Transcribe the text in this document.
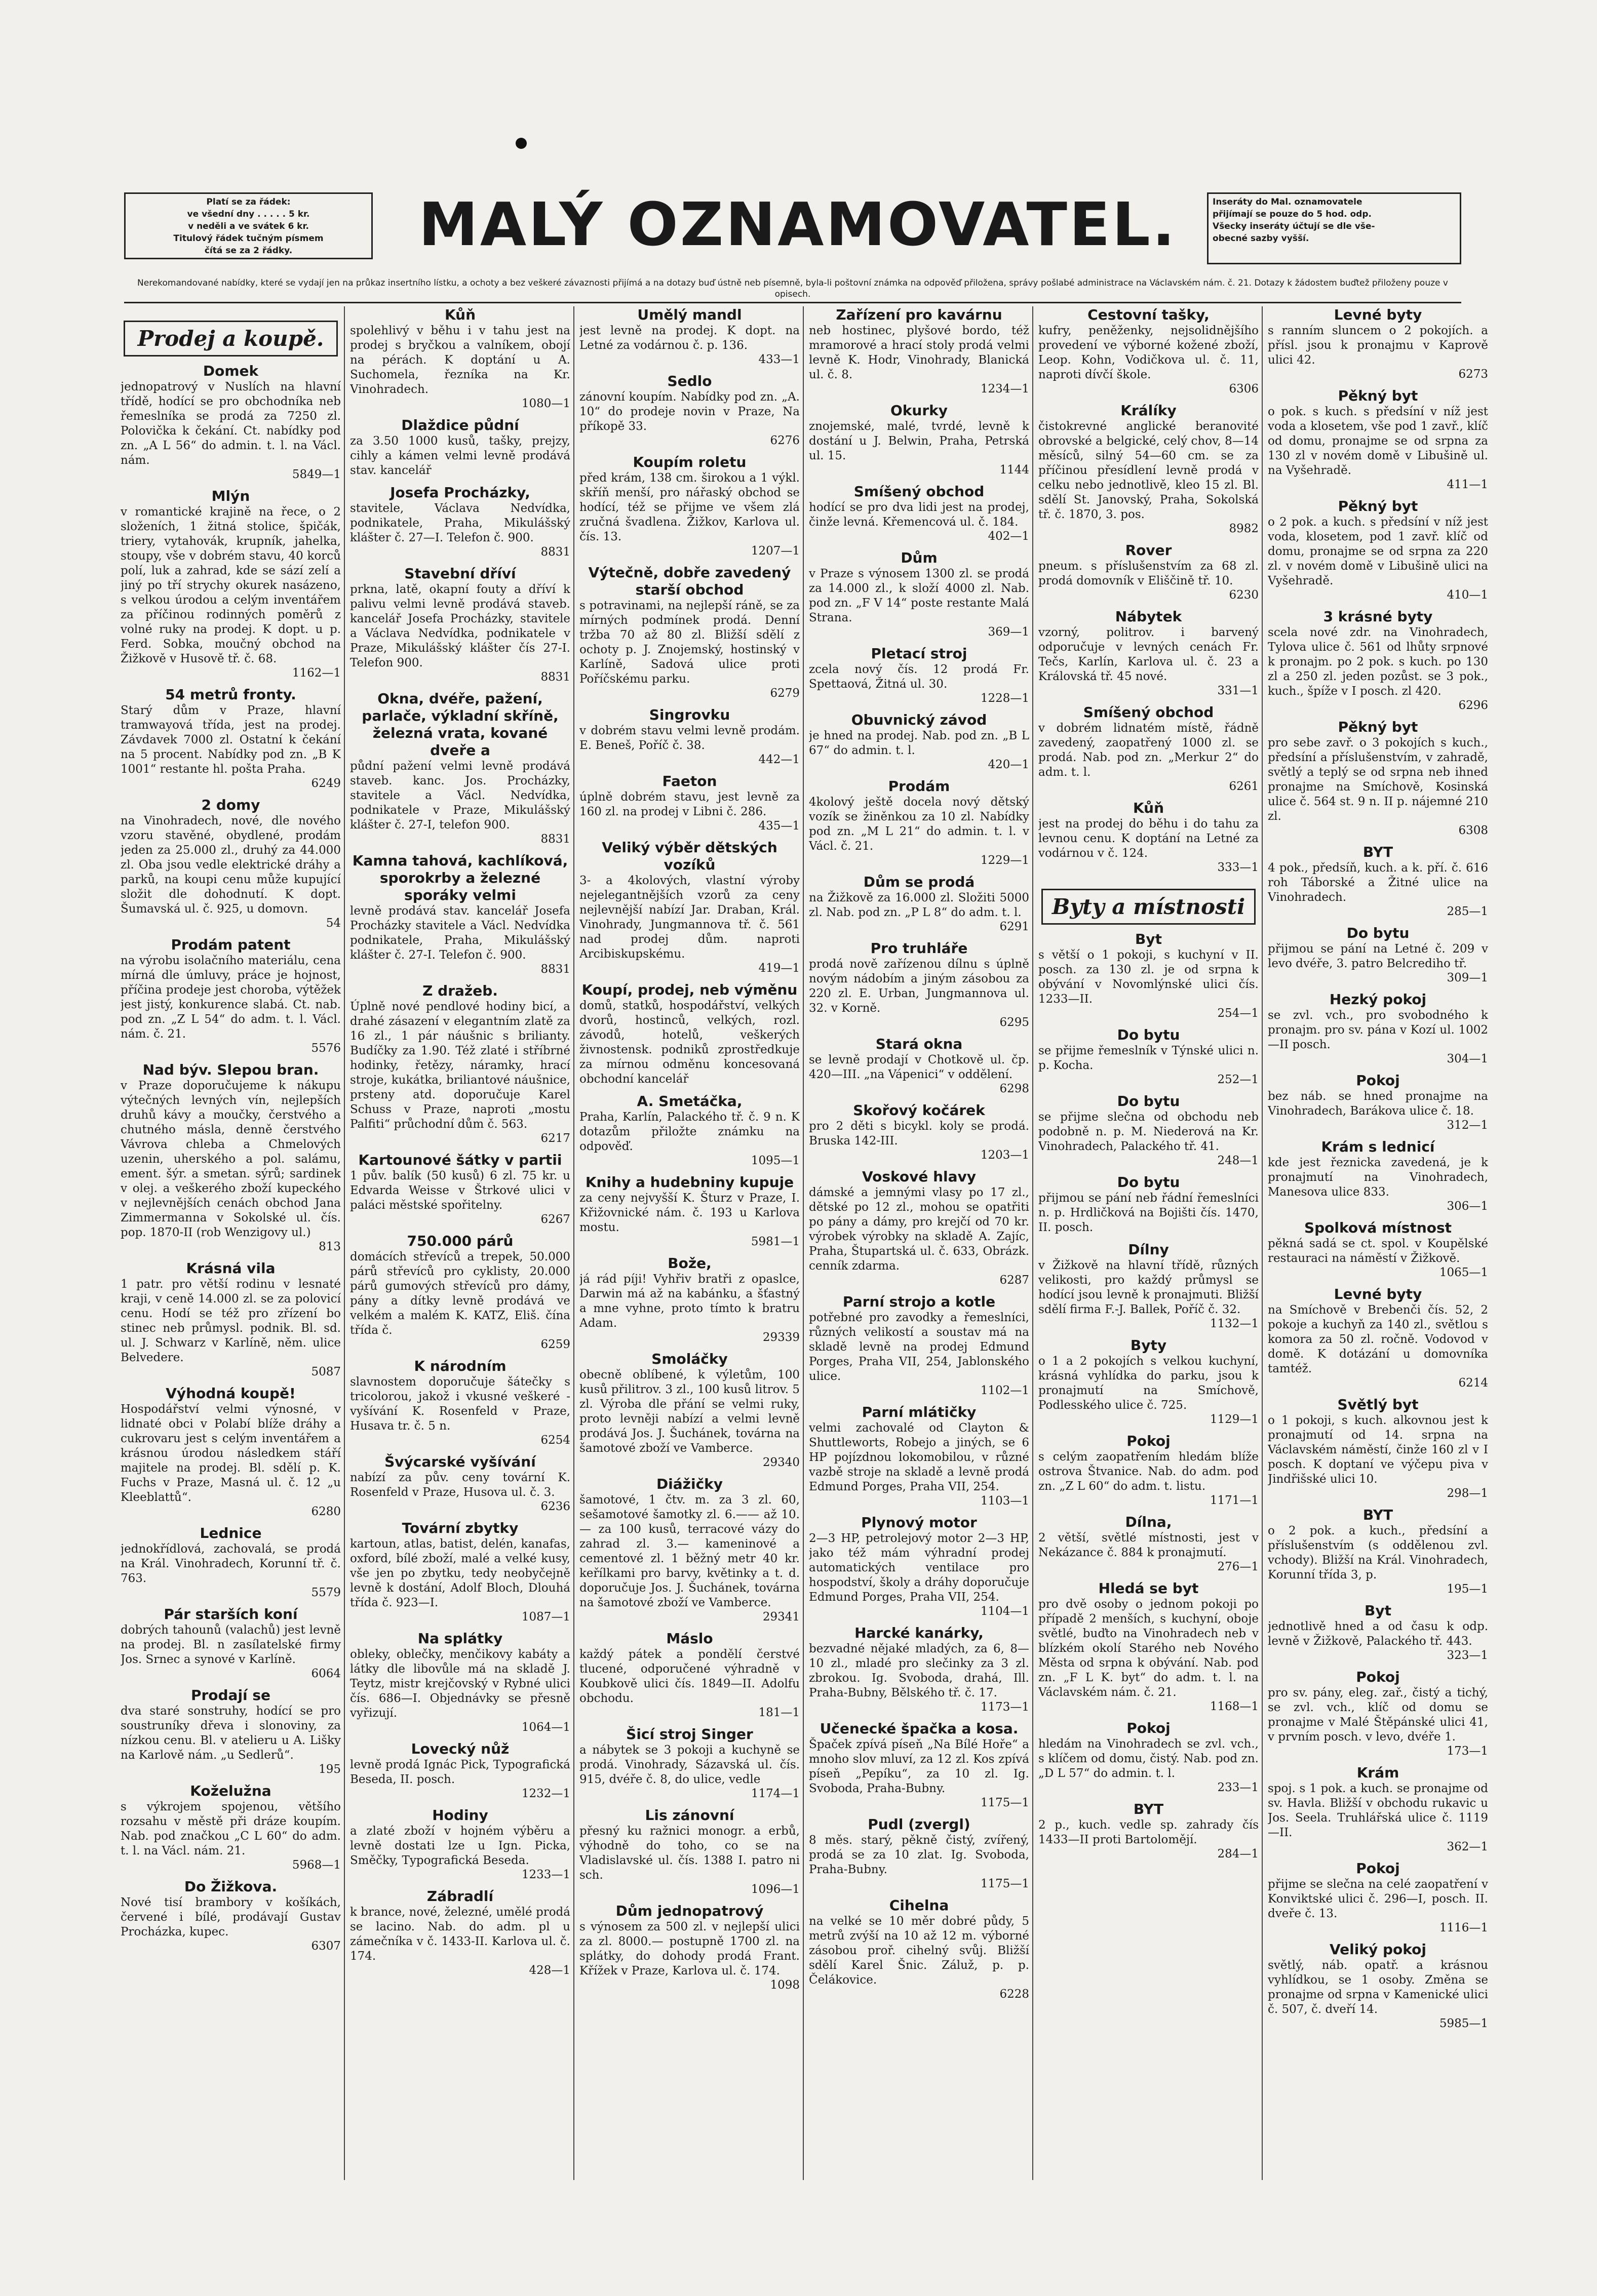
Platí se za řádek:
ve všední dny . . . . . 5 kr.
v neděli a ve svátek 6 kr.
Titulový řádek tučným písmem
čítá se za 2 řádky.	MALÝ OZNAMOVATEL.	Inseráty do Mal. oznamovatele
přijímají se pouze do 5 hod. odp.
Všecky inseráty účtují se dle vše-
obecné sazby vyšší.
Nerekomandované nabídky, které se vydají jen na průkaz insertního lístku, a ochoty a bez veškeré závaznosti přijímá a na dotazy buď ústně neb písemně, byla-li poštovní známka na odpověď přiložena, správy pošlabé administrace na Václavském nám. č. 21. Dotazy k žádostem buďtež přiloženy pouze v opisech.
Prodej a koupě.
Domek

jednopatrový v Nuslích na hlavní třídě, hodící se pro obchodníka neb řemeslníka se prodá za 7250 zl. Polovička k čekání. Ct. nabídky pod zn. „A L 56“ do admin. t. l. na Václ. nám.

5849—1
Mlýn

v romantické krajině na řece, o 2 složeních, 1 žitná stolice, špičák, triery, vytahovák, krupník, jahelka, stoupy, vše v dobrém stavu, 40 korců polí, luk a zahrad, kde se sází zelí a jiný po tří strychy okurek nasázeno, s velkou úrodou a celým inventářem za příčinou rodinných poměrů z volné ruky na prodej. K dopt. u p. Ferd. Sobka, moučný obchod na Žižkově v Husově tř. č. 68.

1162—1
54 metrů fronty.

Starý dům v Praze, hlavní tramwayová třída, jest na prodej. Závdavek 7000 zl. Ostatní k čekání na 5 procent. Nabídky pod zn. „B K 1001“ restante hl. pošta Praha.

6249
2 domy

na Vinohradech, nové, dle nového vzoru stavěné, obydlené, prodám jeden za 25.000 zl., druhý za 44.000 zl. Oba jsou vedle elektrické dráhy a parků, na koupi cenu může kupující složit dle dohodnutí. K dopt. Šumavská ul. č. 925, u domovn.

54
Prodám patent

na výrobu isolačního materiálu, cena mírná dle úmluvy, práce je hojnost, příčina prodeje jest choroba, výtěžek jest jistý, konkurence slabá. Ct. nab. pod zn. „Z L 54“ do adm. t. l. Václ. nám. č. 21.

5576
Nad býv. Slepou bran.

v Praze doporučujeme k nákupu výtečných levných vín, nejlepších druhů kávy a moučky, čerstvého a chutného másla, denně čerstvého Vávrova chleba a Chmelových uzenin, uherského a pol. salámu, ement. šýr. a smetan. sýrů; sardinek v olej. a veškerého zboží kupeckého v nejlevnějších cenách obchod Jana Zimmermanna v Sokolské ul. čís. pop. 1870-II (rob Wenzigovy ul.)

813
Krásná vila

1 patr. pro větší rodinu v lesnaté kraji, v ceně 14.000 zl. se za polovicí cenu. Hodí se též pro zřízení bo stinec neb průmysl. podnik. Bl. sd. ul. J. Schwarz v Karlíně, něm. ulice Belvedere.

5087
Výhodná koupě!

Hospodářství velmi výnosné, v lidnaté obci v Polabí blíže dráhy a cukrovaru jest s celým inventářem a krásnou úrodou následkem stáří majitele na prodej. Bl. sdělí p. K. Fuchs v Praze, Masná ul. č. 12 „u Kleeblattů“.

6280
Lednice

jednokřídlová, zachovalá, se prodá na Král. Vinohradech, Korunní tř. č. 763.

5579
Pár starších koní

dobrých tahounů (valachů) jest levně na prodej. Bl. n zasílatelské firmy Jos. Srnec a synové v Karlíně.

6064
Prodají se

dva staré sonstruhy, hodící se pro soustruníky dřeva i slonoviny, za nízkou cenu. Bl. v atelieru u A. Lišky na Karlově nám. „u Sedlerů“.

195
Koželužna

s výkrojem spojenou, většího rozsahu v městě při dráze koupím. Nab. pod značkou „C L 60“ do adm. t. l. na Václ. nám. 21.

5968—1
Do Žižkova.

Nové tisí brambory v košíkách, červené i bílé, prodávají Gustav Procházka, kupec.

6307
Kůň

spolehlivý v běhu i v tahu jest na prodej s bryčkou a valníkem, obojí na pérách. K doptání u A. Suchomela, řezníka na Kr. Vinohradech.

1080—1
Dlaždice půdní

za 3.50 1000 kusů, tašky, prejzy, cihly a kámen velmi levně prodává stav. kancelář

Josefa Procházky,

stavitele, Václava Nedvídka, podnikatele, Praha, Mikulášský klášter č. 27—I. Telefon č. 900.

8831
Stavební dříví

prkna, latě, okapní fouty a dříví k palivu velmi levně prodává staveb. kancelář Josefa Procházky, stavitele a Václava Nedvídka, podnikatele v Praze, Mikulášský klášter čís 27-I. Telefon 900.

8831
Okna, dvéře, pažení, parlače, výkladní skříně, železná vrata, kované dveře a

půdní pažení velmi levně prodává staveb. kanc. Jos. Procházky, stavitele a Václ. Nedvídka, podnikatele v Praze, Mikulášský klášter č. 27-I, telefon 900.

8831
Kamna tahová, kachlíková, sporokrby a železné sporáky velmi

levně prodává stav. kancelář Josefa Procházky stavitele a Václ. Nedvídka podnikatele, Praha, Mikulášský klášter č. 27-I. Telefon č. 900.

8831
Z dražeb.

Úplně nové pendlové hodiny bicí, a drahé zásazení v elegantním zlatě za 16 zl., 1 pár náušnic s brilianty. Budíčky za 1.90. Též zlaté i stříbrné hodinky, řetězy, náramky, hrací stroje, kukátka, briliantové náušnice, prsteny atd. doporučuje Karel Schuss v Praze, naproti „mostu Palfiti“ průchodní dům č. 563.

6217
Kartounové šátky v partii

1 pův. balík (50 kusů) 6 zl. 75 kr. u Edvarda Weisse v Štrkové ulici v paláci městské spořitelny.

6267
750.000 párů

domácích střevíců a trepek, 50.000 párů střevíců pro cyklisty, 20.000 párů gumových střevíců pro dámy, pány a dítky levně prodává ve velkém a malém K. KATZ, Eliš. čína třída č.

6259
K národním

slavnostem doporučuje šátečky s tricolorou, jakož i vkusné veškeré - vyšívání K. Rosenfeld v Praze, Husava tr. č. 5 n.

6254
Švýcarské vyšívání

nabízí za pův. ceny tovární K. Rosenfeld v Praze, Husova ul. č. 3.

6236
Tovární zbytky

kartoun, atlas, batist, delén, kanafas, oxford, bílé zboží, malé a velké kusy, vše jen po zbytku, tedy neobyčejně levně k dostání, Adolf Bloch, Dlouhá třída č. 923—I.

1087—1
Na splátky

obleky, oblečky, menčikovy kabáty a látky dle libovůle má na skladě J. Teytz, mistr krejčovský v Rybné ulici čís. 686—I. Objednávky se přesně vyřizují.

1064—1
Lovecký nůž

levně prodá Ignác Pick, Typografická Beseda, II. posch.

1232—1
Hodiny

a zlaté zboží v hojném výběru a levně dostati lze u Ign. Picka, Směčky, Typografická Beseda.

1233—1
Zábradlí

k brance, nové, železné, umělé prodá se lacino. Nab. do adm. pl u zámečníka v č. 1433-II. Karlova ul. č. 174.

428—1
Umělý mandl

jest levně na prodej. K dopt. na Letné za vodárnou č. p. 136.

433—1
Sedlo

zánovní koupím. Nabídky pod zn. „A. 10“ do prodeje novin v Praze, Na příkopě 33.

6276
Koupím roletu

před krám, 138 cm. širokou a 1 výkl. skříň menší, pro nářaský obchod se hodící, též se přijme ve všem zlá zručná švadlena. Žižkov, Karlova ul. čís. 13.

1207—1
Výtečně, dobře zavedený starší obchod

s potravinami, na nejlepší ráně, se za mírných podmínek prodá. Denní tržba 70 až 80 zl. Bližší sdělí z ochoty p. J. Znojemský, hostinský v Karlíně, Sadová ulice proti Poříčskému parku.

6279
Singrovku

v dobrém stavu velmi levně prodám. E. Beneš, Poříč č. 38.

442—1
Faeton

úplně dobrém stavu, jest levně za 160 zl. na prodej v Libni č. 286.

435—1
Veliký výběr dětských vozíků

3- a 4kolových, vlastní výroby nejelegantnějších vzorů za ceny nejlevnější nabízí Jar. Draban, Král. Vinohrady, Jungmannova tř. č. 561 nad prodej dům. naproti Arcibiskupskému.

419—1
Koupí, prodej, neb výměnu

domů, statků, hospodářství, velkých dvorů, hostinců, velkých, rozl. závodů, hotelů, veškerých živnostensk. podniků zprostředkuje za mírnou odměnu koncesovaná obchodní kancelář

A. Smetáčka,

Praha, Karlín, Palackého tř. č. 9 n. K dotazům přiložte známku na odpověď.

1095—1
Knihy a hudebniny kupuje

za ceny nejvyšší K. Šturz v Praze, I. Křižovnické nám. č. 193 u Karlova mostu.

5981—1
Bože,

já rád píji! Vyhřiv bratři z opaslce, Darwin má až na kabánku, a šťastný a mne vyhne, proto tímto k bratru Adam.

29339
Smoláčky

obecně oblíbené, k výletům, 100 kusů přilitrov. 3 zl., 100 kusů litrov. 5 zl. Výroba dle přání se velmi ruky, proto levněji nabízí a velmi levně prodává Jos. J. Šuchánek, továrna na šamotové zboží ve Vamberce.

29340
Diážičky

šamotové, 1 čtv. m. za 3 zl. 60, sešamotové šamotky zl. 6.—— až 10.— za 100 kusů, terracové vázy do zahrad zl. 3.— kameninové a cementové zl. 1 běžný metr 40 kr. keřílkami pro barvy, květinky a t. d. doporučuje Jos. J. Šuchánek, továrna na šamotové zboží ve Vamberce.

29341
Máslo

každý pátek a pondělí čerstvé tlucené, odporučené výhradně v Koubkově ulici čís. 1849—II. Adolfu obchodu.

181—1
Šicí stroj Singer

a nábytek se 3 pokoji a kuchyně se prodá. Vinohrady, Sázavská ul. čís. 915, dvéře č. 8, do ulice, vedle

1174—1
Lis zánovní

přesný ku ražnici monogr. a erbů, výhodně do toho, co se na Vladislavské ul. čís. 1388 I. patro ni sch.

1096—1
Dům jednopatrový

s výnosem za 500 zl. v nejlepší ulici za zl. 8000.— postupně 1700 zl. na splátky, do dohody prodá Frant. Křížek v Praze, Karlova ul. č. 174.

1098
Zařízení pro kavárnu

neb hostinec, plyšové bordo, též mramorové a hrací stoly prodá velmi levně K. Hodr, Vinohrady, Blanická ul. č. 8.

1234—1
Okurky

znojemské, malé, tvrdé, levně k dostání u J. Belwin, Praha, Petrská ul. 15.

1144
Smíšený obchod

hodící se pro dva lidi jest na prodej, činže levná. Křemencová ul. č. 184.

402—1
Dům

v Praze s výnosem 1300 zl. se prodá za 14.000 zl., k složí 4000 zl. Nab. pod zn. „F V 14“ poste restante Malá Strana.

369—1
Pletací stroj

zcela nový čís. 12 prodá Fr. Spettaová, Žitná ul. 30.

1228—1
Obuvnický závod

je hned na prodej. Nab. pod zn. „B L 67“ do admin. t. l.

420—1
Prodám

4kolový ještě docela nový dětský vozík se žiněnkou za 10 zl. Nabídky pod zn. „M L 21“ do admin. t. l. v Václ. č. 21.

1229—1
Dům se prodá

na Žižkově za 16.000 zl. Složiti 5000 zl. Nab. pod zn. „P L 8“ do adm. t. l.

6291
Pro truhláře

prodá nově zařízenou dílnu s úplně novým nádobím a jiným zásobou za 220 zl. E. Urban, Jungmannova ul. 32. v Korně.

6295
Stará okna

se levně prodají v Chotkově ul. čp. 420—III. „na Vápenici“ v oddělení.

6298
Skořový kočárek

pro 2 děti s bicykl. koly se prodá. Bruska 142-III.

1203—1
Voskové hlavy

dámské a jemnými vlasy po 17 zl., dětské po 12 zl., mohou se opatřiti po pány a dámy, pro krejčí od 70 kr. výrobek výrobky na skladě A. Zajíc, Praha, Štupartská ul. č. 633, Obrázk. cenník zdarma.

6287
Parní strojo a kotle

potřebné pro zavodky a řemeslníci, různých velikostí a soustav má na skladě levně na prodej Edmund Porges, Praha VII, 254, Jablonského ulice.

1102—1
Parní mlátičky

velmi zachovalé od Clayton & Shuttleworts, Robejo a jiných, se 6 HP pojízdnou lokomobilou, v různé vazbě stroje na skladě a levně prodá Edmund Porges, Praha VII, 254.

1103—1
Plynový motor

2—3 HP, petrolejový motor 2—3 HP, jako též mám výhradní prodej automatických ventilace pro hospodství, školy a dráhy doporučuje Edmund Porges, Praha VII, 254.

1104—1
Harcké kanárky,

bezvadné nějaké mladých, za 6, 8—10 zl., mladé pro slečinky za 3 zl. zbrokou. Ig. Svoboda, drahá, Ill. Praha-Bubny, Bělského tř. č. 17.

1173—1
Učenecké špačka a kosa.

Špaček zpívá píseň „Na Bílé Hoře“ a mnoho slov mluví, za 12 zl. Kos zpívá píseň „Pepíku“, za 10 zl. Ig. Svoboda, Praha-Bubny.

1175—1
Pudl (zvergl)

8 měs. starý, pěkně čistý, zvířený, prodá se za 10 zlat. Ig. Svoboda, Praha-Bubny.

1175—1
Cihelna

na velké se 10 měr dobré půdy, 5 metrů zvýší na 10 až 12 m. výborné zásobou proř. cihelný svůj. Bližší sdělí Karel Šnic. Záluž, p. p. Čelákovice.

6228
Cestovní tašky,

kufry, peněženky, nejsolidnějšího provedení ve výborné kožené zboží, Leop. Kohn, Vodičkova ul. č. 11, naproti dívčí škole.

6306
Králíky

čistokrevné anglické beranovité obrovské a belgické, celý chov, 8—14 měsíců, silný 54—60 cm. se za příčinou přesídlení levně prodá v celku nebo jednotlivě, kleo 15 zl. Bl. sdělí St. Janovský, Praha, Sokolská tř. č. 1870, 3. pos.

8982
Rover

pneum. s příslušenstvím za 68 zl. prodá domovník v Eliščině tř. 10.

6230
Nábytek

vzorný, politrov. i barvený odporučuje v levných cenách Fr. Tečs, Karlín, Karlova ul. č. 23 a Královská tř. 45 nové.

331—1
Smíšený obchod

v dobrém lidnatém místě, řádně zavedený, zaopatřený 1000 zl. se prodá. Nab. pod zn. „Merkur 2“ do adm. t. l.

6261
Kůň

jest na prodej do běhu i do tahu za levnou cenu. K doptání na Letné za vodárnou v č. 124.

333—1
Byty a místnosti
Byt

s větší o 1 pokoji, s kuchyní v II. posch. za 130 zl. je od srpna k obývání v Novomlýnské ulici čís. 1233—II.

254—1
Do bytu

se přijme řemeslník v Týnské ulici n. p. Kocha.

252—1
Do bytu

se přijme slečna od obchodu neb podobně n. p. M. Niederová na Kr. Vinohradech, Palackého tř. 41.

248—1
Do bytu

přijmou se pání neb řádní řemeslníci n. p. Hrdličková na Bojišti čís. 1470, II. posch.

Dílny

v Žižkově na hlavní třídě, různých velikosti, pro každý průmysl se hodící jsou levně k pronajmuti. Bližší sdělí firma F.-J. Ballek, Poříč č. 32.

1132—1
Byty

o 1 a 2 pokojích s velkou kuchyní, krásná vyhlídka do parku, jsou k pronajmutí na Smíchově, Podlesského ulice č. 725.

1129—1
Pokoj

s celým zaopatřením hledám blíže ostrova Štvanice. Nab. do adm. pod zn. „Z L 60“ do adm. t. listu.

1171—1
Dílna,

2 větší, světlé místnosti, jest v Nekázance č. 884 k pronajmutí.

276—1
Hledá se byt

pro dvě osoby o jednom pokoji po případě 2 menších, s kuchyní, oboje světlé, buďto na Vinohradech neb v blízkém okolí Starého neb Nového Města od srpna k obývání. Nab. pod zn. „F L K. byt“ do adm. t. l. na Václavském nám. č. 21.

1168—1
Pokoj

hledám na Vinohradech se zvl. vch., s klíčem od domu, čistý. Nab. pod zn. „D L 57“ do admin. t. l.

233—1
BYT

2 p., kuch. vedle sp. zahrady čís 1433—II proti Bartolomějí.

284—1
Levné byty

s ranním sluncem o 2 pokojích. a přísl. jsou k pronajmu v Kaprově ulici 42.

6273
Pěkný byt

o pok. s kuch. s předsíní v níž jest voda a klosetem, vše pod 1 zavř., klíč od domu, pronajme se od srpna za 130 zl v novém domě v Libušině ul. na Vyšehradě.

411—1
Pěkný byt

o 2 pok. a kuch. s předsíní v níž jest voda, klosetem, pod 1 zavř. klíč od domu, pronajme se od srpna za 220 zl. v novém domě v Libušině ulici na Vyšehradě.

410—1
3 krásné byty

scela nové zdr. na Vinohradech, Tylova ulice č. 561 od lhůty srpnové k pronajm. po 2 pok. s kuch. po 130 zl a 250 zl. jeden pozůst. se 3 pok., kuch., špíže v I posch. zl 420.

6296
Pěkný byt

pro sebe zavř. o 3 pokojích s kuch., předsíní a příslušenstvím, v zahradě, světlý a teplý se od srpna neb ihned pronajme na Smíchově, Kosinská ulice č. 564 st. 9 n. II p. nájemné 210 zl.

6308
BYT

4 pok., předsíň, kuch. a k. pří. č. 616 roh Táborské a Žitné ulice na Vinohradech.

285—1
Do bytu

přijmou se pání na Letné č. 209 v levo dvéře, 3. patro Belcrediho tř.

309—1
Hezký pokoj

se zvl. vch., pro svobodného k pronajm. pro sv. pána v Kozí ul. 1002—II posch.

304—1
Pokoj

bez náb. se hned pronajme na Vinohradech, Barákova ulice č. 18.

312—1
Krám s lednicí

kde jest řeznicka zavedená, je k pronajmutí na Vinohradech, Manesova ulice 833.

306—1
Spolková místnost

pěkná sadá se ct. spol. v Koupělské restauraci na náměstí v Žižkově.

1065—1
Levné byty

na Smíchově v Brebenči čís. 52, 2 pokoje a kuchyň za 140 zl., světlou s komora za 50 zl. ročně. Vodovod v domě. K dotázání u domovníka tamtéž.

6214
Světlý byt

o 1 pokoji, s kuch. alkovnou jest k pronajmutí od 14. srpna na Václavském náměstí, činže 160 zl v I posch. K doptaní ve výčepu piva v Jindřišské ulici 10.

298—1
BYT

o 2 pok. a kuch., předsíní a příslušenstvím (s oddělenou zvl. vchody). Bližší na Král. Vinohradech, Korunní třída 3, p.

195—1
Byt

jednotlivě hned a od času k odp. levně v Žižkově, Palackého tř. 443.

323—1
Pokoj

pro sv. pány, eleg. zař., čistý a tichý, se zvl. vch., klíč od domu se pronajme v Malé Štěpánské ulici 41, v prvním posch. v levo, dvéře 1.

173—1
Krám

spoj. s 1 pok. a kuch. se pronajme od sv. Havla. Bližší v obchodu rukavic u Jos. Seela. Truhlářská ulice č. 1119—II.

362—1
Pokoj

přijme se slečna na celé zaopatření v Konviktské ulici č. 296—I, posch. II. dveře č. 13.

1116—1
Veliký pokoj

světlý, náb. opatř. a krásnou vyhlídkou, se 1 osoby. Změna se pronajme od srpna v Kamenické ulici č. 507, č. dveří 14.

5985—1
